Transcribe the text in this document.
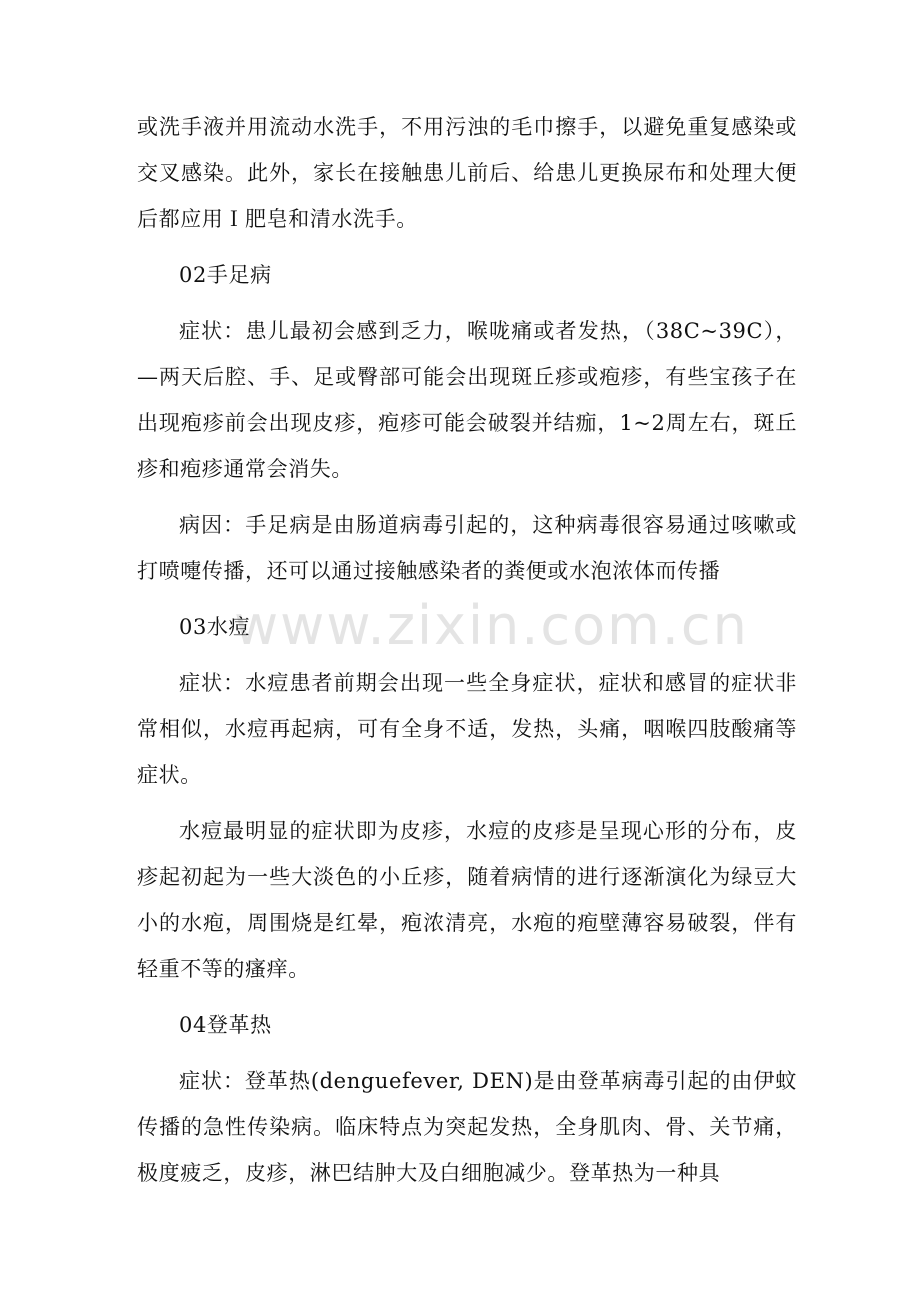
www.zixin.com.cn

或洗手液并用流动水洗手，不用污浊的毛巾擦手，以避免重复感染或交叉感染。此外，家长在接触患儿前后、给患儿更换尿布和处理大便后都应用Ｉ肥皂和清水洗手。

02手足病

症状：患儿最初会感到乏力，喉咙痛或者发热，（38C~39C），—两天后腔、手、足或臀部可能会出现斑丘疹或疱疹，有些宝孩子在出现疱疹前会出现皮疹，疱疹可能会破裂并结痂，1~2周左右，斑丘疹和疱疹通常会消失。

病因：手足病是由肠道病毒引起的，这种病毒很容易通过咳嗽或打喷嚏传播，还可以通过接触感染者的粪便或水泡浓体而传播

03水痘

症状：水痘患者前期会出现一些全身症状，症状和感冒的症状非常相似，水痘再起病，可有全身不适，发热，头痛，咽喉四肢酸痛等症状。

水痘最明显的症状即为皮疹，水痘的皮疹是呈现心形的分布，皮疹起初起为一些大淡色的小丘疹，随着病情的进行逐渐演化为绿豆大小的水疱，周围烧是红晕，疱浓清亮，水疱的疱壁薄容易破裂，伴有轻重不等的瘙痒。

04登革热

症状：登革热(denguefever, DEN)是由登革病毒引起的由伊蚊传播的急性传染病。临床特点为突起发热，全身肌肉、骨、关节痛，极度疲乏，皮疹，淋巴结肿大及白细胞减少。登革热为一种具
